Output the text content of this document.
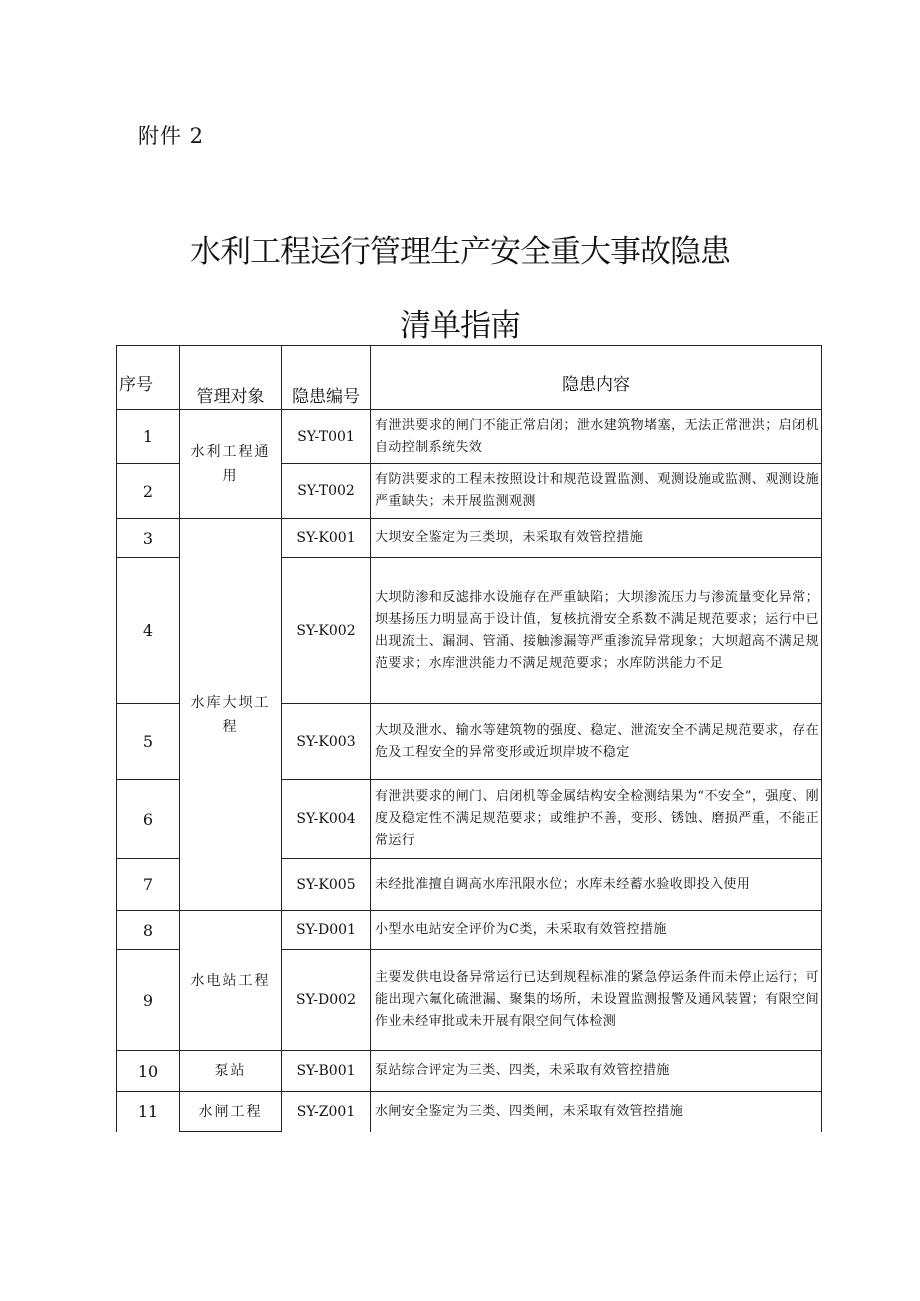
附件 2
水利工程运行管理生产安全重大事故隐患
清单指南
序号	管理对象	隐患编号	隐患内容
1	水利工程通用	SY-T001	有泄洪要求的闸门不能正常启闭；泄水建筑物堵塞，无法正常泄洪；启闭机自动控制系统失效
2		SY-T002	有防洪要求的工程未按照设计和规范设置监测、观测设施或监测、观测设施严重缺失；未开展监测观测
3	水库大坝工程	SY-K001	大坝安全鉴定为三类坝，未采取有效管控措施
4		SY-K002	大坝防渗和反滤排水设施存在严重缺陷；大坝渗流压力与渗流量变化异常；坝基扬压力明显高于设计值，复核抗滑安全系数不满足规范要求；运行中已出现流土、漏洞、管涌、接触渗漏等严重渗流异常现象；大坝超高不满足规范要求；水库泄洪能力不满足规范要求；水库防洪能力不足
5		SY-K003	大坝及泄水、输水等建筑物的强度、稳定、泄流安全不满足规范要求，存在危及工程安全的异常变形或近坝岸坡不稳定
6		SY-K004	有泄洪要求的闸门、启闭机等金属结构安全检测结果为“不安全”，强度、刚度及稳定性不满足规范要求；或维护不善，变形、锈蚀、磨损严重，不能正常运行
7		SY-K005	未经批准擅自调高水库汛限水位；水库未经蓄水验收即投入使用
8	水电站工程	SY-D001	小型水电站安全评价为C类，未采取有效管控措施
9		SY-D002	主要发供电设备异常运行已达到规程标准的紧急停运条件而未停止运行；可能出现六氟化硫泄漏、聚集的场所，未设置监测报警及通风装置；有限空间作业未经审批或未开展有限空间气体检测
10	泵站	SY-B001	泵站综合评定为三类、四类，未采取有效管控措施
11	水闸工程	SY-Z001	水闸安全鉴定为三类、四类闸，未采取有效管控措施
